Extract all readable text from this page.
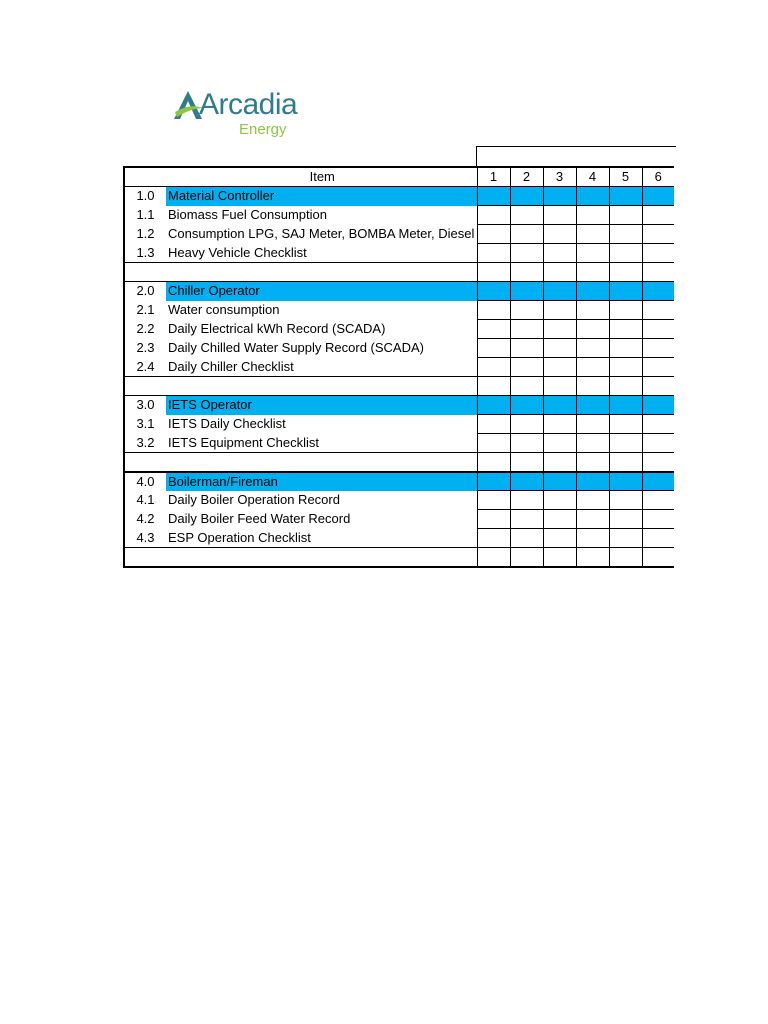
Arcadia
Energy
	Item	1	2	3	4	5	6
1.0	Material Controller						
1.1	Biomass Fuel Consumption						
1.2	Consumption LPG, SAJ Meter, BOMBA Meter, Diesel						
1.3	Heavy Vehicle Checklist						

2.0	Chiller Operator						
2.1	Water consumption						
2.2	Daily Electrical kWh Record (SCADA)						
2.3	Daily Chilled Water Supply Record (SCADA)						
2.4	Daily Chiller Checklist						

3.0	IETS Operator						
3.1	IETS Daily Checklist						
3.2	IETS Equipment Checklist						

4.0	Boilerman/Fireman						
4.1	Daily Boiler Operation Record						
4.2	Daily Boiler Feed Water Record						
4.3	ESP Operation Checklist						
